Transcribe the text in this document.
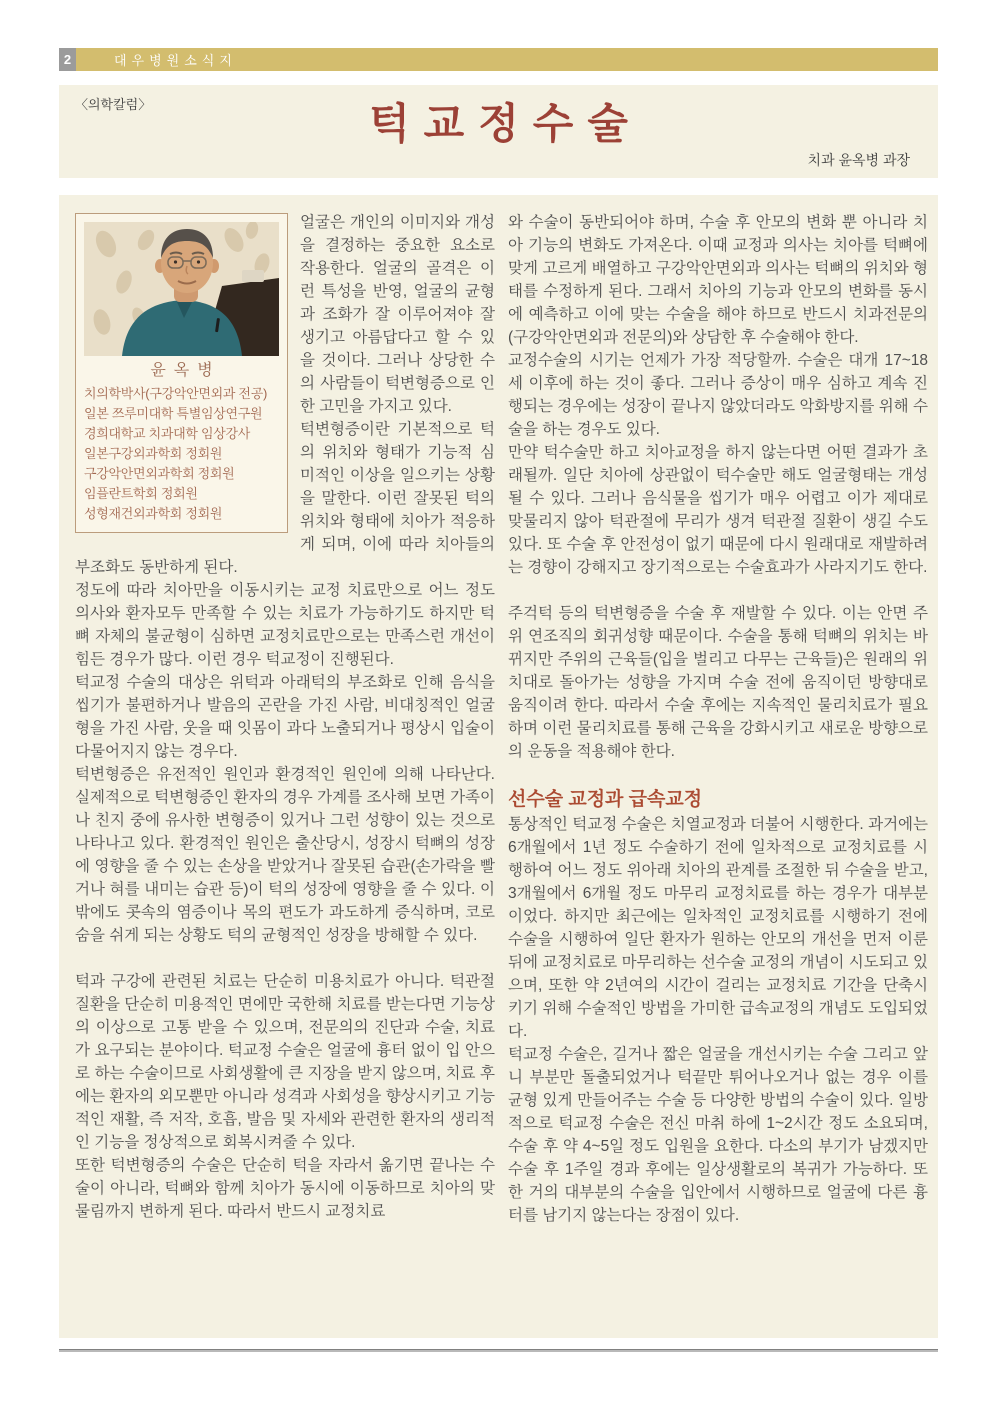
2	대우병원소식지
〈의학칼럼〉	턱교정수술
치과 윤옥병 과장
윤옥병
치의학박사(구강악안면외과 전공)
일본 쯔루미대학 특별임상연구원
경희대학교 치과대학 임상강사
일본구강외과학회 정회원
구강악안면외과학회 정회원
임플란트학회 정회원
성형재건외과학회 정회원

얼굴은 개인의 이미지와 개성을 결정하는 중요한 요소로 작용한다. 얼굴의 골격은 이런 특성을 반영, 얼굴의 균형과 조화가 잘 이루어져야 잘 생기고 아름답다고 할 수 있을 것이다. 그러나 상당한 수의 사람들이 턱변형증으로 인한 고민을 가지고 있다.

턱변형증이란 기본적으로 턱의 위치와 형태가 기능적 심미적인 이상을 일으키는 상황을 말한다. 이런 잘못된 턱의 위치와 형태에 치아가 적응하게 되며, 이에 따라 치아들의 부조화도 동반하게 된다.

정도에 따라 치아만을 이동시키는 교정 치료만으로 어느 정도 의사와 환자모두 만족할 수 있는 치료가 가능하기도 하지만 턱뼈 자체의 불균형이 심하면 교정치료만으로는 만족스런 개선이 힘든 경우가 많다. 이런 경우 턱교정이 진행된다.

턱교정 수술의 대상은 위턱과 아래턱의 부조화로 인해 음식을 씹기가 불편하거나 발음의 곤란을 가진 사람, 비대칭적인 얼굴형을 가진 사람, 웃을 때 잇몸이 과다 노출되거나 평상시 입술이 다물어지지 않는 경우다.

턱변형증은 유전적인 원인과 환경적인 원인에 의해 나타난다. 실제적으로 턱변형증인 환자의 경우 가계를 조사해 보면 가족이나 친지 중에 유사한 변형증이 있거나 그런 성향이 있는 것으로 나타나고 있다. 환경적인 원인은 출산당시, 성장시 턱뼈의 성장에 영향을 줄 수 있는 손상을 받았거나 잘못된 습관(손가락을 빨거나 혀를 내미는 습관 등)이 턱의 성장에 영향을 줄 수 있다. 이밖에도 콧속의 염증이나 목의 편도가 과도하게 증식하며, 코로 숨을 쉬게 되는 상황도 턱의 균형적인 성장을 방해할 수 있다.

턱과 구강에 관련된 치료는 단순히 미용치료가 아니다. 턱관절질환을 단순히 미용적인 면에만 국한해 치료를 받는다면 기능상의 이상으로 고통 받을 수 있으며, 전문의의 진단과 수술, 치료가 요구되는 분야이다. 턱교정 수술은 얼굴에 흉터 없이 입 안으로 하는 수술이므로 사회생활에 큰 지장을 받지 않으며, 치료 후에는 환자의 외모뿐만 아니라 성격과 사회성을 향상시키고 기능적인 재활, 즉 저작, 호흡, 발음 및 자세와 관련한 환자의 생리적인 기능을 정상적으로 회복시켜줄 수 있다.

또한 턱변형증의 수술은 단순히 턱을 자라서 옮기면 끝나는 수술이 아니라, 턱뼈와 함께 치아가 동시에 이동하므로 치아의 맞물림까지 변하게 된다. 따라서 반드시 교정치료

와 수술이 동반되어야 하며, 수술 후 안모의 변화 뿐 아니라 치아 기능의 변화도 가져온다. 이때 교정과 의사는 치아를 턱뼈에 맞게 고르게 배열하고 구강악안면외과 의사는 턱뼈의 위치와 형태를 수정하게 된다. 그래서 치아의 기능과 안모의 변화를 동시에 예측하고 이에 맞는 수술을 해야 하므로 반드시 치과전문의(구강악안면외과 전문의)와 상담한 후 수술해야 한다.

교정수술의 시기는 언제가 가장 적당할까. 수술은 대개 17~18세 이후에 하는 것이 좋다. 그러나 증상이 매우 심하고 계속 진행되는 경우에는 성장이 끝나지 않았더라도 악화방지를 위해 수술을 하는 경우도 있다.

만약 턱수술만 하고 치아교정을 하지 않는다면 어떤 결과가 초래될까. 일단 치아에 상관없이 턱수술만 해도 얼굴형태는 개성될 수 있다. 그러나 음식물을 씹기가 매우 어렵고 이가 제대로 맞물리지 않아 턱관절에 무리가 생겨 턱관절 질환이 생길 수도 있다. 또 수술 후 안전성이 없기 때문에 다시 원래대로 재발하려는 경향이 강해지고 장기적으로는 수술효과가 사라지기도 한다.

주걱턱 등의 턱변형증을 수술 후 재발할 수 있다. 이는 안면 주위 연조직의 회귀성향 때문이다. 수술을 통해 턱뼈의 위치는 바뀌지만 주위의 근육들(입을 벌리고 다무는 근육들)은 원래의 위치대로 돌아가는 성향을 가지며 수술 전에 움직이던 방향대로 움직이려 한다. 따라서 수술 후에는 지속적인 물리치료가 필요하며 이런 물리치료를 통해 근육을 강화시키고 새로운 방향으로의 운동을 적용해야 한다.

선수술 교정과 급속교정

통상적인 턱교정 수술은 치열교정과 더불어 시행한다. 과거에는 6개월에서 1년 정도 수술하기 전에 일차적으로 교정치료를 시행하여 어느 정도 위아래 치아의 관계를 조절한 뒤 수술을 받고, 3개월에서 6개월 정도 마무리 교정치료를 하는 경우가 대부분이었다. 하지만 최근에는 일차적인 교정치료를 시행하기 전에 수술을 시행하여 일단 환자가 원하는 안모의 개선을 먼저 이룬 뒤에 교정치료로 마무리하는 선수술 교정의 개념이 시도되고 있으며, 또한 약 2년여의 시간이 걸리는 교정치료 기간을 단축시키기 위해 수술적인 방법을 가미한 급속교정의 개념도 도입되었다.

턱교정 수술은, 길거나 짧은 얼굴을 개선시키는 수술 그리고 앞니 부분만 돌출되었거나 턱끝만 튀어나오거나 없는 경우 이를 균형 있게 만들어주는 수술 등 다양한 방법의 수술이 있다. 일방적으로 턱교정 수술은 전신 마취 하에 1~2시간 정도 소요되며, 수술 후 약 4~5일 정도 입원을 요한다. 다소의 부기가 남겠지만 수술 후 1주일 경과 후에는 일상생활로의 복귀가 가능하다. 또한 거의 대부분의 수술을 입안에서 시행하므로 얼굴에 다른 흉터를 남기지 않는다는 장점이 있다.
